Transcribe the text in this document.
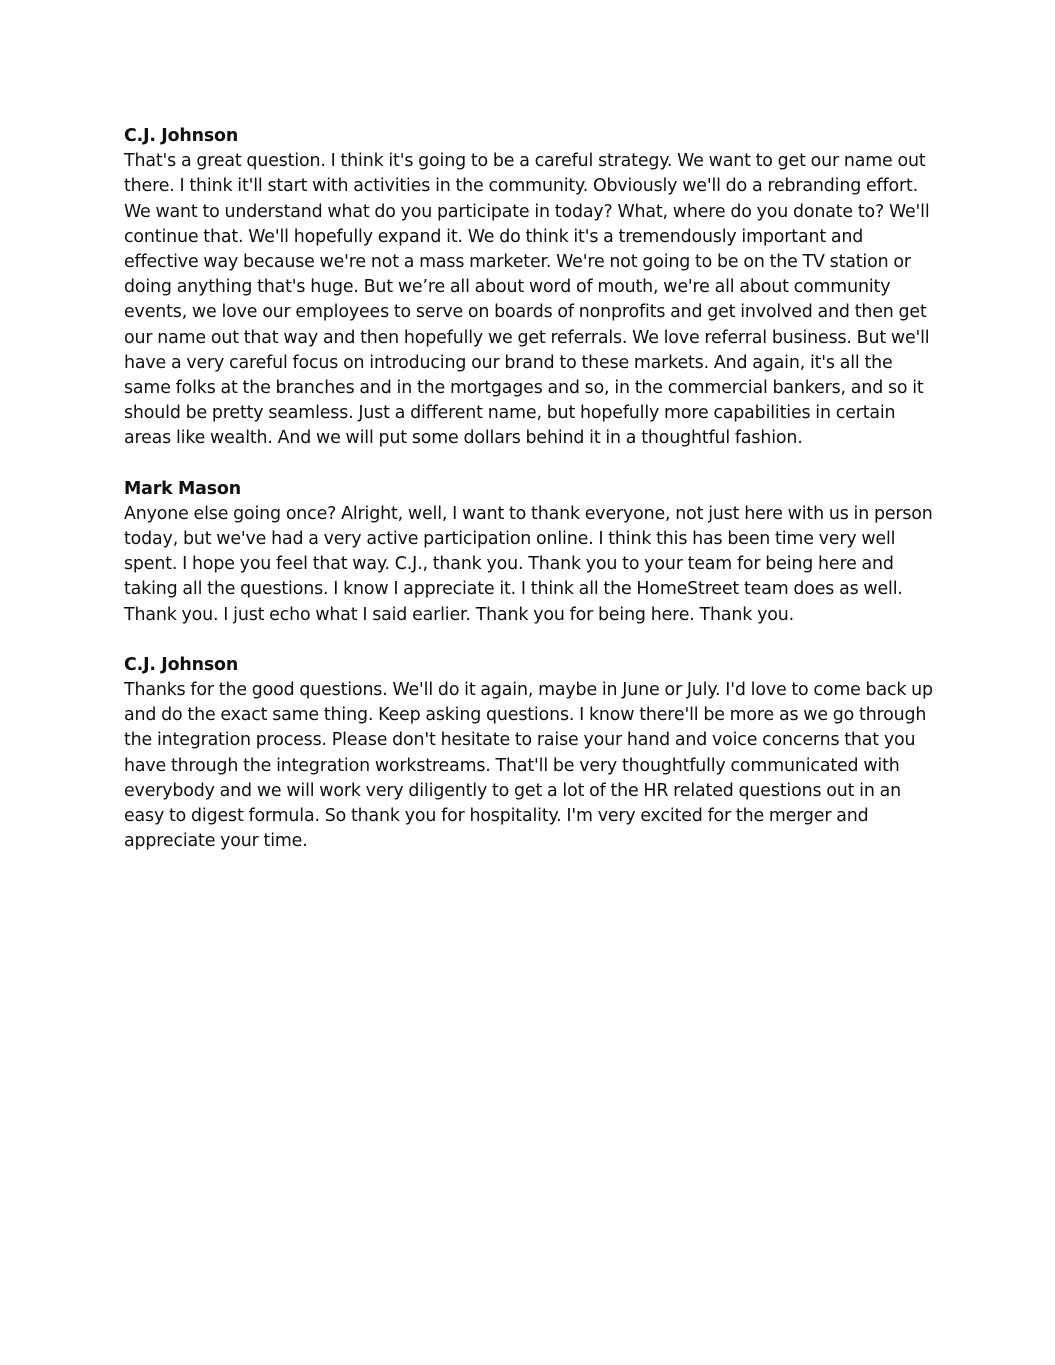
C.J. Johnson

That's a great question. I think it's going to be a careful strategy. We want to get our name out there. I think it'll start with activities in the community. Obviously we'll do a rebranding effort. We want to understand what do you participate in today? What, where do you donate to? We'll continue that. We'll hopefully expand it. We do think it's a tremendously important and effective way because we're not a mass marketer. We're not going to be on the TV station or doing anything that's huge. But we’re all about word of mouth, we're all about community events, we love our employees to serve on boards of nonprofits and get involved and then get our name out that way and then hopefully we get referrals. We love referral business. But we'll have a very careful focus on introducing our brand to these markets. And again, it's all the same folks at the branches and in the mortgages and so, in the commercial bankers, and so it should be pretty seamless. Just a different name, but hopefully more capabilities in certain areas like wealth. And we will put some dollars behind it in a thoughtful fashion.

Mark Mason

Anyone else going once? Alright, well, I want to thank everyone, not just here with us in person today, but we've had a very active participation online. I think this has been time very well spent. I hope you feel that way. C.J., thank you. Thank you to your team for being here and taking all the questions. I know I appreciate it. I think all the HomeStreet team does as well. Thank you. I just echo what I said earlier. Thank you for being here. Thank you.

C.J. Johnson

Thanks for the good questions. We'll do it again, maybe in June or July. I'd love to come back up and do the exact same thing. Keep asking questions. I know there'll be more as we go through the integration process. Please don't hesitate to raise your hand and voice concerns that you have through the integration workstreams. That'll be very thoughtfully communicated with everybody and we will work very diligently to get a lot of the HR related questions out in an easy to digest formula. So thank you for hospitality. I'm very excited for the merger and appreciate your time.
